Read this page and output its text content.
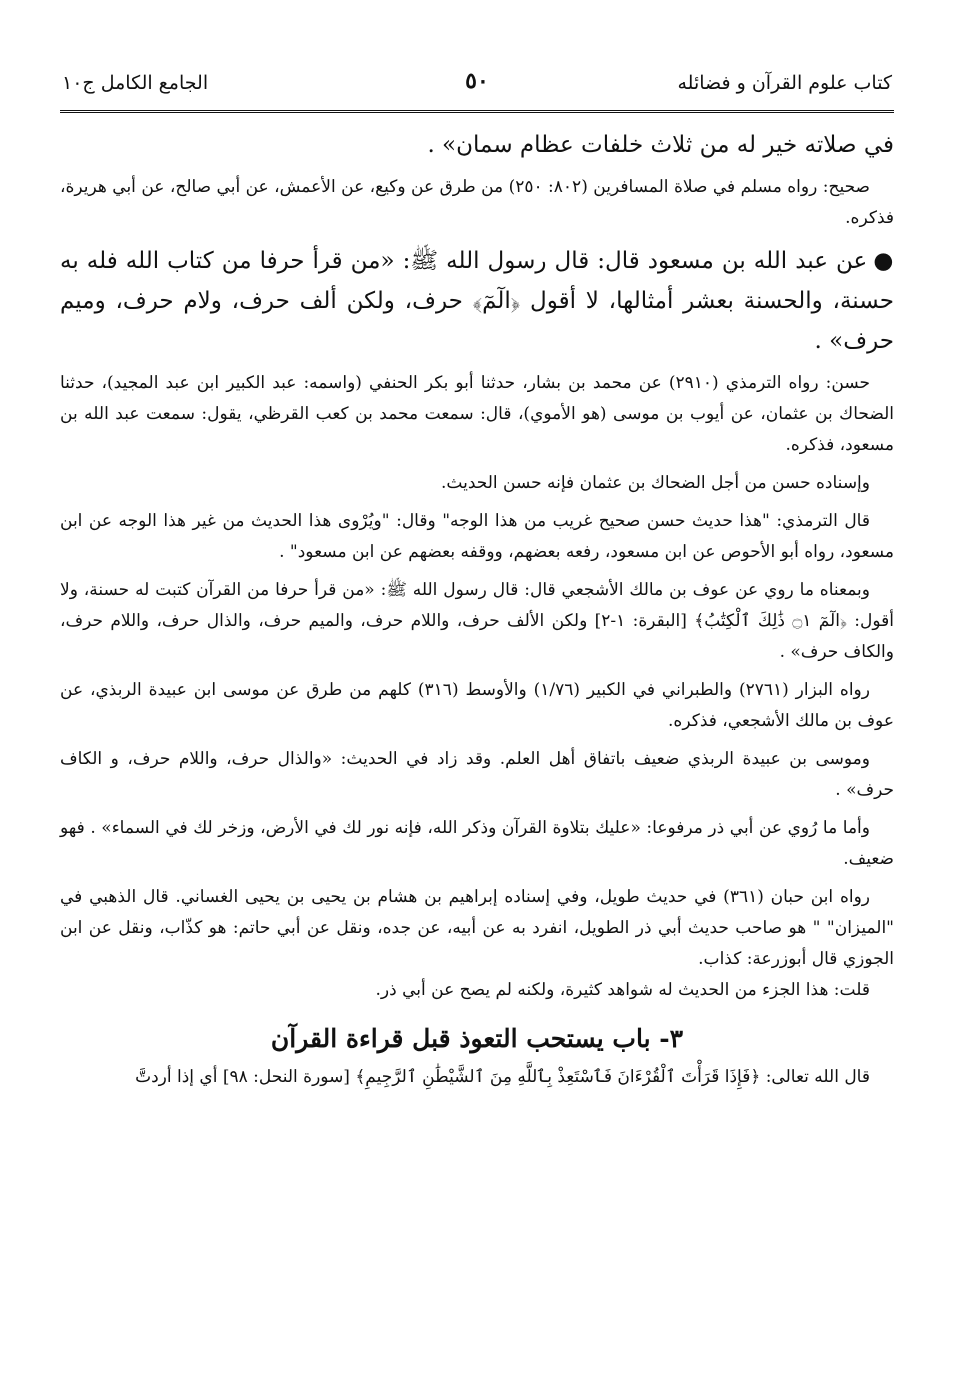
كتاب علوم القرآن و فضائله
٥٠
الجامع الكامل ج١٠

في صلاته خير له من ثلاث خلفات عظام سمان» .

صحيح: رواه مسلم في صلاة المسافرين (٨٠٢: ٢٥٠) من طرق عن وكيع، عن الأعمش، عن أبي صالح، عن أبي هريرة، فذكره.

●عن عبد الله بن مسعود قال: قال رسول الله ﷺ: «من قرأ حرفا من كتاب الله فله به حسنة، والحسنة بعشر أمثالها، لا أقول ﴿الٓمٓ﴾ حرف، ولكن ألف حرف، ولام حرف، وميم حرف» .

حسن: رواه الترمذي (٢٩١٠) عن محمد بن بشار، حدثنا أبو بكر الحنفي (واسمه: عبد الكبير ابن عبد المجيد)، حدثنا الضحاك بن عثمان، عن أيوب بن موسى (هو الأموي)، قال: سمعت محمد بن كعب القرظي، يقول: سمعت عبد الله بن مسعود، فذكره.

وإسناده حسن من أجل الضحاك بن عثمان فإنه حسن الحديث.

قال الترمذي: "هذا حديث حسن صحيح غريب من هذا الوجه" وقال: "ويُرْوى هذا الحديث من غير هذا الوجه عن ابن مسعود، رواه أبو الأحوص عن ابن مسعود، رفعه بعضهم، ووقفه بعضهم عن ابن مسعود" .

وبمعناه ما روي عن عوف بن مالك الأشجعي قال: قال رسول الله ﷺ: «من قرأ حرفا من القرآن كتبت له حسنة، ولا أقول: ﴿الٓمٓ ۝١ ذَٰلِكَ ٱلْكِتَٰبُ﴾ [البقرة: ١-٢] ولكن الألف حرف، واللام حرف، والميم حرف، والذال حرف، واللام حرف، والكاف حرف» .

رواه البزار (٢٧٦١) والطبراني في الكبير (١/٧٦) والأوسط (٣١٦) كلهم من طرق عن موسى ابن عبيدة الربذي، عن عوف بن مالك الأشجعي، فذكره.

وموسى بن عبيدة الربذي ضعيف باتفاق أهل العلم. وقد زاد في الحديث: «والذال حرف، واللام حرف، و الكاف حرف» .

وأما ما رُوي عن أبي ذر مرفوعا: «عليك بتلاوة القرآن وذكر الله، فإنه نور لك في الأرض، وزخر لك في السماء» . فهو ضعيف.

رواه ابن حبان (٣٦١) في حديث طويل، وفي إسناده إبراهيم بن هشام بن يحيى بن يحيى الغساني. قال الذهبي في "الميزان" " هو صاحب حديث أبي ذر الطويل، انفرد به عن أبيه، عن جده، ونقل عن أبي حاتم: هو كذّاب، ونقل عن ابن الجوزي قال أبوزرعة: كذاب.

قلت: هذا الجزء من الحديث له شواهد كثيرة، ولكنه لم يصح عن أبي ذر.

٣- باب يستحب التعوذ قبل قراءة القرآن

قال الله تعالى: ﴿فَإِذَا قَرَأْتَ ٱلْقُرْءَانَ فَٱسْتَعِذْ بِٱللَّهِ مِنَ ٱلشَّيْطَٰنِ ٱلرَّجِيمِ﴾ [سورة النحل: ٩٨] أي إذا أردتَّ
